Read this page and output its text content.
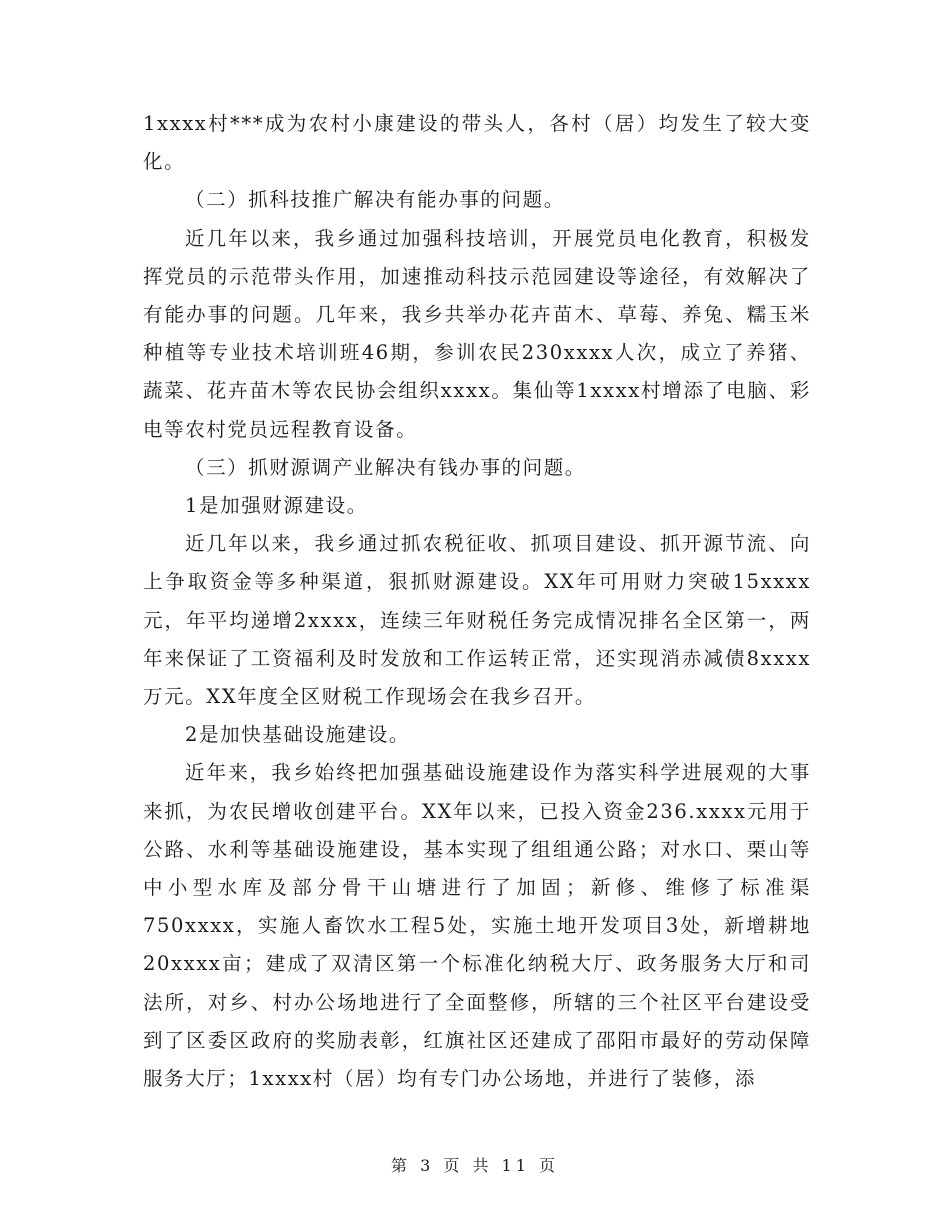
1xxxx村***成为农村小康建设的带头人，各村（居）均发生了较大变化。

（二）抓科技推广解决有能办事的问题。

近几年以来，我乡通过加强科技培训，开展党员电化教育，积极发挥党员的示范带头作用，加速推动科技示范园建设等途径，有效解决了有能办事的问题。几年来，我乡共举办花卉苗木、草莓、养兔、糯玉米种植等专业技术培训班46期，参训农民230xxxx人次，成立了养猪、蔬菜、花卉苗木等农民协会组织xxxx。集仙等1xxxx村增添了电脑、彩电等农村党员远程教育设备。

（三）抓财源调产业解决有钱办事的问题。

1是加强财源建设。

近几年以来，我乡通过抓农税征收、抓项目建设、抓开源节流、向上争取资金等多种渠道，狠抓财源建设。XX年可用财力突破15xxxx元，年平均递增2xxxx，连续三年财税任务完成情况排名全区第一，两年来保证了工资福利及时发放和工作运转正常，还实现消赤减债8xxxx万元。XX年度全区财税工作现场会在我乡召开。

2是加快基础设施建设。

近年来，我乡始终把加强基础设施建设作为落实科学进展观的大事来抓，为农民增收创建平台。XX年以来，已投入资金236.xxxx元用于公路、水利等基础设施建设，基本实现了组组通公路；对水口、栗山等中小型水库及部分骨干山塘进行了加固；新修、维修了标准渠750xxxx，实施人畜饮水工程5处，实施土地开发项目3处，新增耕地20xxxx亩；建成了双清区第一个标准化纳税大厅、政务服务大厅和司法所，对乡、村办公场地进行了全面整修，所辖的三个社区平台建设受到了区委区政府的奖励表彰，红旗社区还建成了邵阳市最好的劳动保障服务大厅；1xxxx村（居）均有专门办公场地，并进行了装修，添

第 3 页 共 11 页
